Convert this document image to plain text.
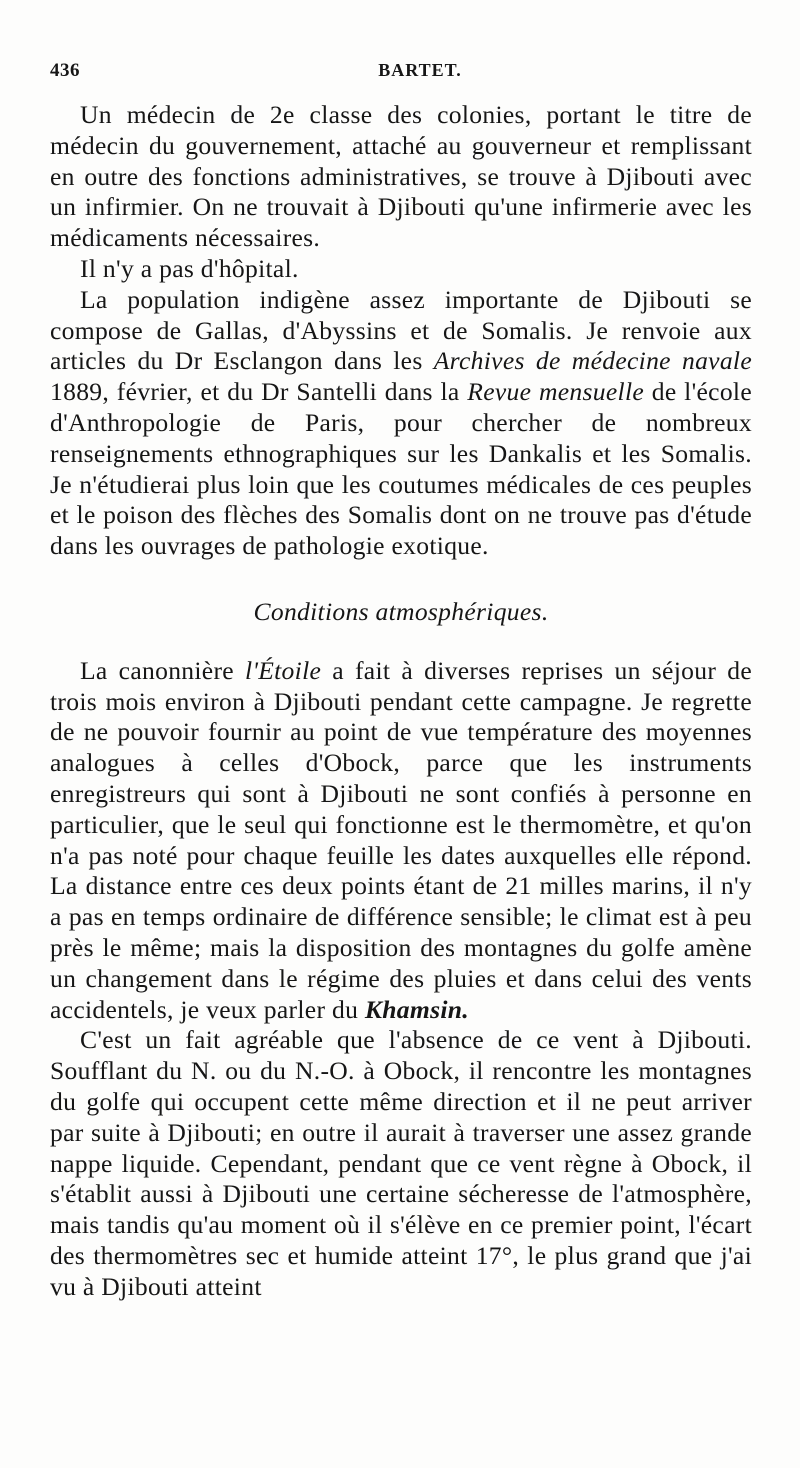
436	BARTET.

Un médecin de 2e classe des colonies, portant le titre de médecin du gouvernement, attaché au gouverneur et remplissant en outre des fonctions administratives, se trouve à Djibouti avec un infirmier. On ne trouvait à Djibouti qu'une infirmerie avec les médicaments nécessaires.

Il n'y a pas d'hôpital.

La population indigène assez importante de Djibouti se compose de Gallas, d'Abyssins et de Somalis. Je renvoie aux articles du Dr Esclangon dans les Archives de médecine navale 1889, février, et du Dr Santelli dans la Revue mensuelle de l'école d'Anthropologie de Paris, pour chercher de nombreux renseignements ethnographiques sur les Dankalis et les Somalis. Je n'étudierai plus loin que les coutumes médicales de ces peuples et le poison des flèches des Somalis dont on ne trouve pas d'étude dans les ouvrages de pathologie exotique.

Conditions atmosphériques.

La canonnière l'Étoile a fait à diverses reprises un séjour de trois mois environ à Djibouti pendant cette campagne. Je regrette de ne pouvoir fournir au point de vue température des moyennes analogues à celles d'Obock, parce que les instruments enregistreurs qui sont à Djibouti ne sont confiés à personne en particulier, que le seul qui fonctionne est le thermomètre, et qu'on n'a pas noté pour chaque feuille les dates auxquelles elle répond. La distance entre ces deux points étant de 21 milles marins, il n'y a pas en temps ordinaire de différence sensible; le climat est à peu près le même; mais la disposition des montagnes du golfe amène un changement dans le régime des pluies et dans celui des vents accidentels, je veux parler du Khamsin.

C'est un fait agréable que l'absence de ce vent à Djibouti. Soufflant du N. ou du N.-O. à Obock, il rencontre les montagnes du golfe qui occupent cette même direction et il ne peut arriver par suite à Djibouti; en outre il aurait à traverser une assez grande nappe liquide. Cependant, pendant que ce vent règne à Obock, il s'établit aussi à Djibouti une certaine sécheresse de l'atmosphère, mais tandis qu'au moment où il s'élève en ce premier point, l'écart des thermomètres sec et humide atteint 17°, le plus grand que j'ai vu à Djibouti atteint
